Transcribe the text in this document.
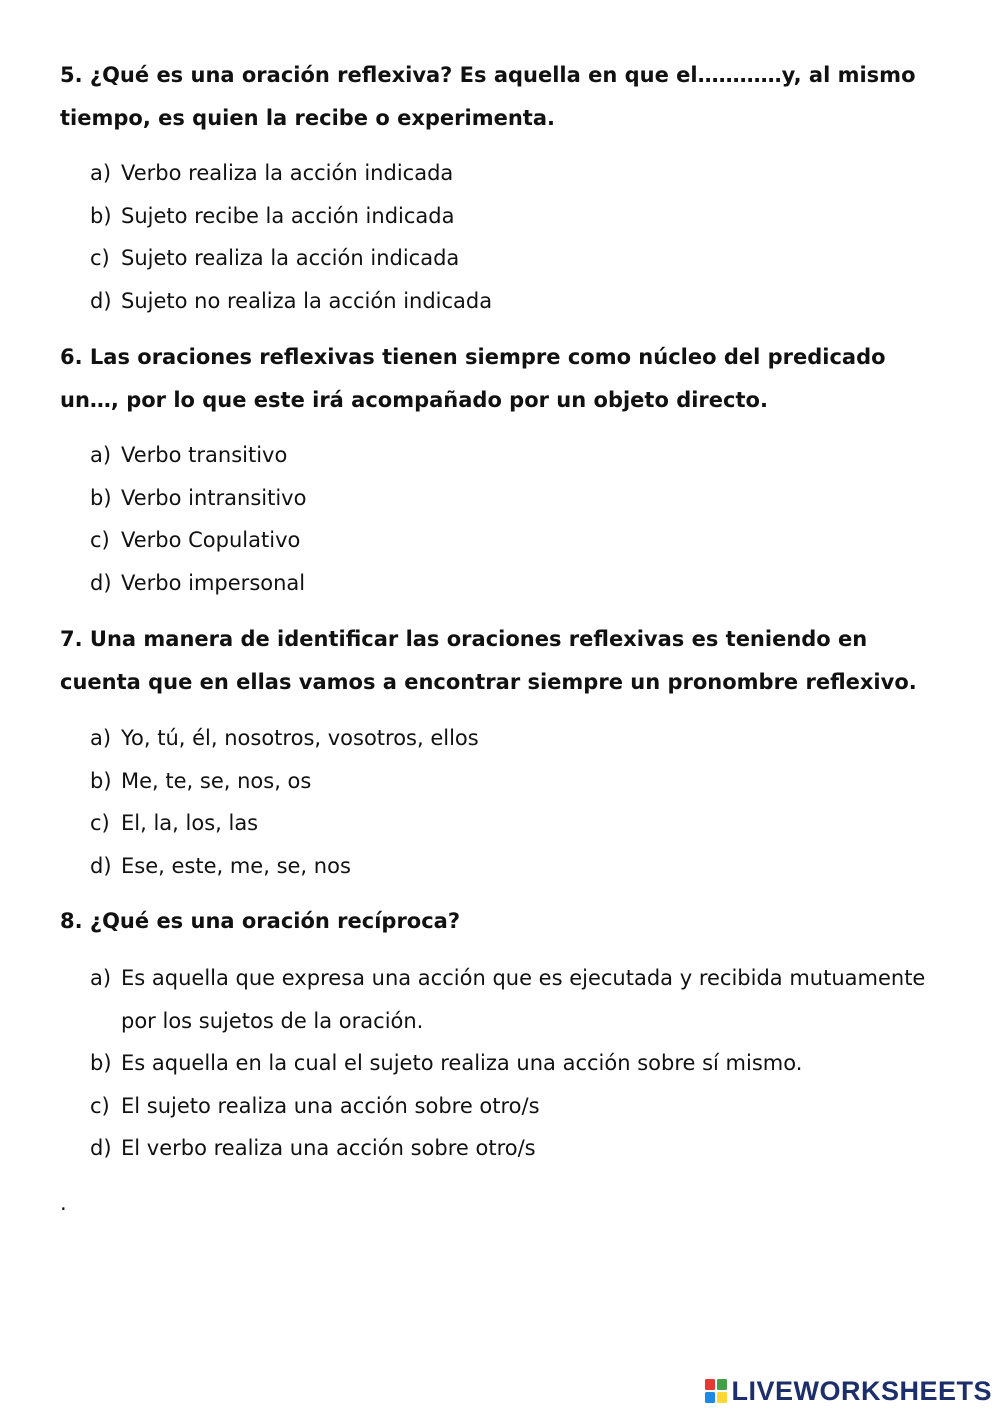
5. ¿Qué es una oración reflexiva? Es aquella en que el…………y, al mismo tiempo, es quien la recibe o experimenta.
a) Verbo realiza la acción indicada
b) Sujeto recibe la acción indicada
c) Sujeto realiza la acción indicada
d) Sujeto no realiza la acción indicada
6. Las oraciones reflexivas tienen siempre como núcleo del predicado un…, por lo que este irá acompañado por un objeto directo.
a) Verbo transitivo
b) Verbo intransitivo
c) Verbo Copulativo
d) Verbo impersonal
7. Una manera de identificar las oraciones reflexivas es teniendo en cuenta que en ellas vamos a encontrar siempre un pronombre reflexivo.
a) Yo, tú, él, nosotros, vosotros, ellos
b) Me, te, se, nos, os
c) El, la, los, las
d) Ese, este, me, se, nos
8. ¿Qué es una oración recíproca?
a) Es aquella que expresa una acción que es ejecutada y recibida mutuamente por los sujetos de la oración.
b) Es aquella en la cual el sujeto realiza una acción sobre sí mismo.
c) El sujeto realiza una acción sobre otro/s
d) El verbo realiza una acción sobre otro/s
.
LIVEWORKSHEETS
